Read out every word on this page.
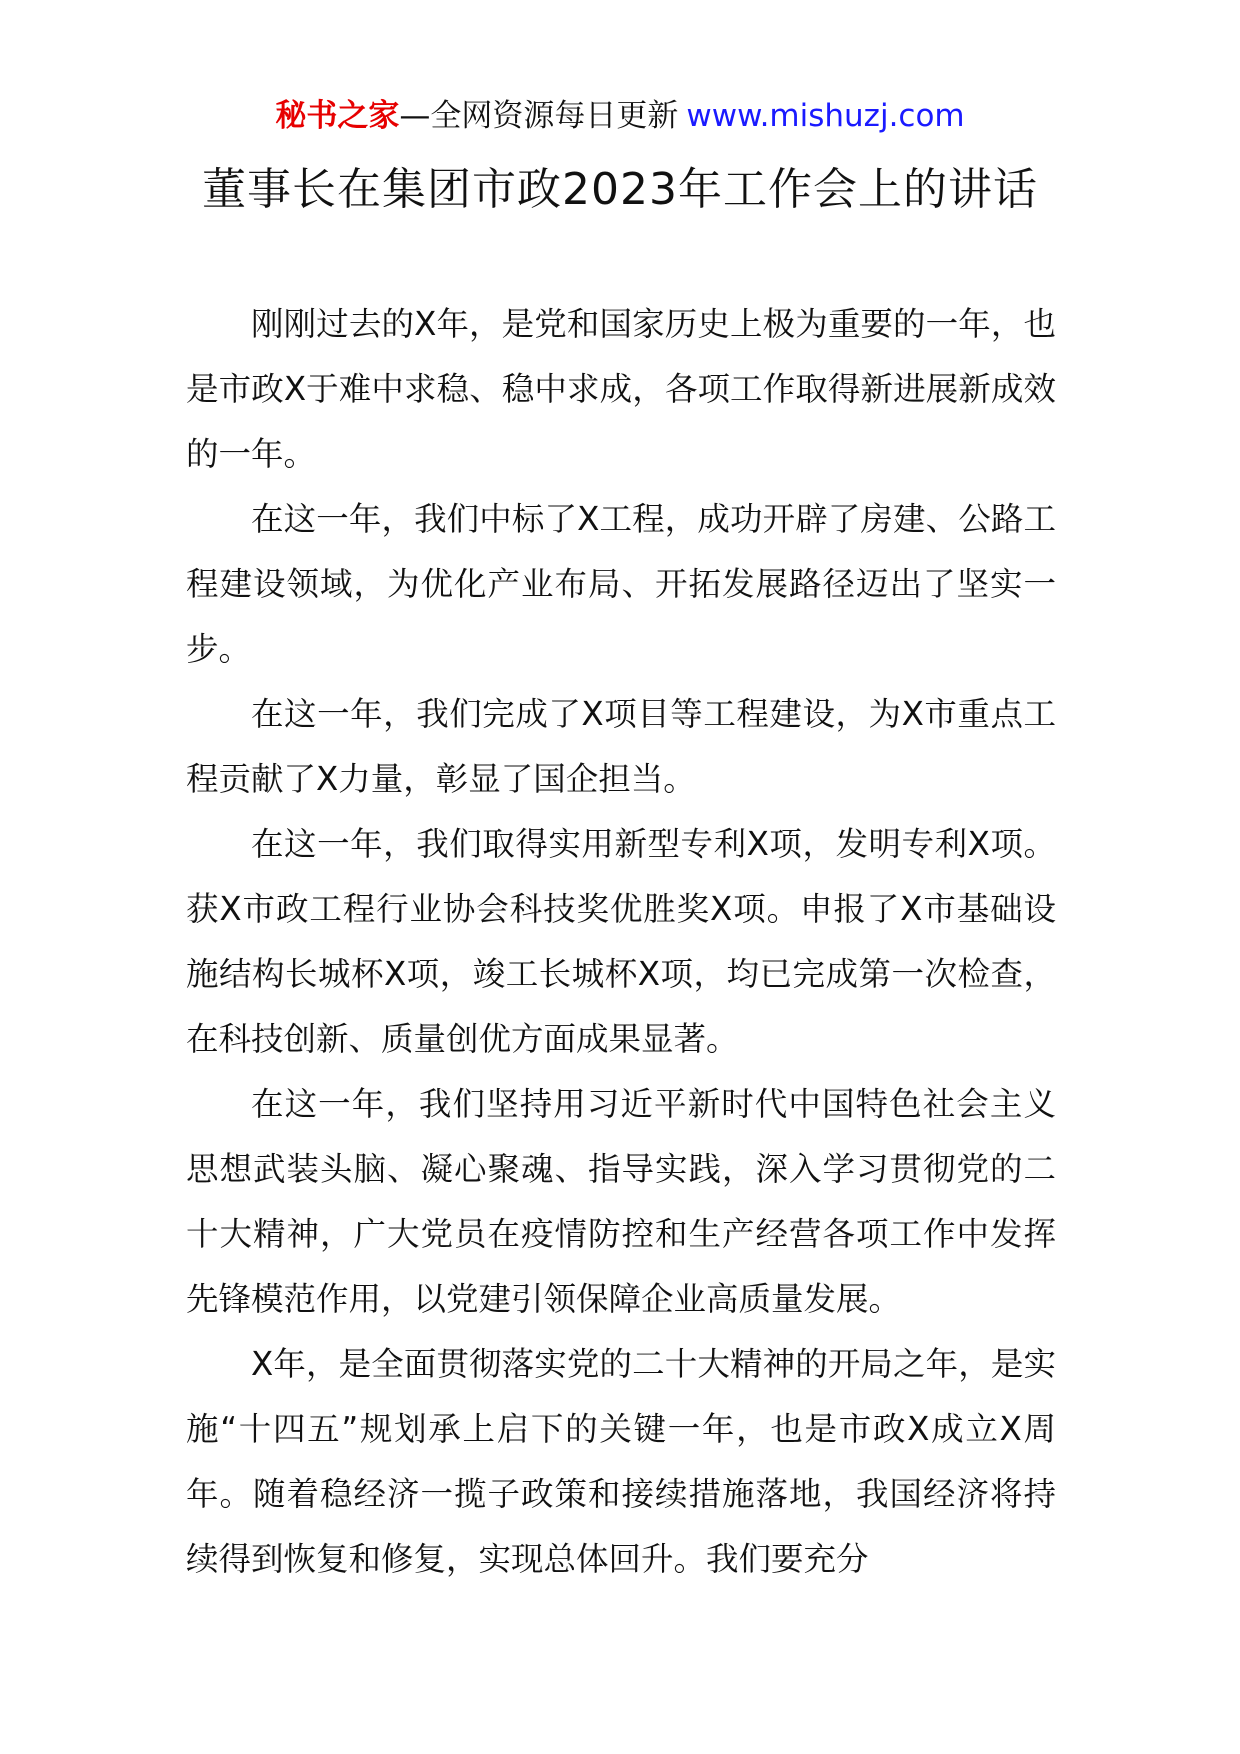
秘书之家—全网资源每日更新 www.mishuzj.com
董事长在集团市政2023年工作会上的讲话

刚刚过去的X年，是党和国家历史上极为重要的一年，也是市政X于难中求稳、稳中求成，各项工作取得新进展新成效的一年。

在这一年，我们中标了X工程，成功开辟了房建、公路工程建设领域，为优化产业布局、开拓发展路径迈出了坚实一步。

在这一年，我们完成了X项目等工程建设，为X市重点工程贡献了X力量，彰显了国企担当。

在这一年，我们取得实用新型专利X项，发明专利X项。获X市政工程行业协会科技奖优胜奖X项。申报了X市基础设施结构长城杯X项，竣工长城杯X项，均已完成第一次检查，在科技创新、质量创优方面成果显著。

在这一年，我们坚持用习近平新时代中国特色社会主义思想武装头脑、凝心聚魂、指导实践，深入学习贯彻党的二十大精神，广大党员在疫情防控和生产经营各项工作中发挥先锋模范作用，以党建引领保障企业高质量发展。

X年，是全面贯彻落实党的二十大精神的开局之年，是实施“十四五”规划承上启下的关键一年，也是市政X成立X周年。随着稳经济一揽子政策和接续措施落地，我国经济将持续得到恢复和修复，实现总体回升。我们要充分
